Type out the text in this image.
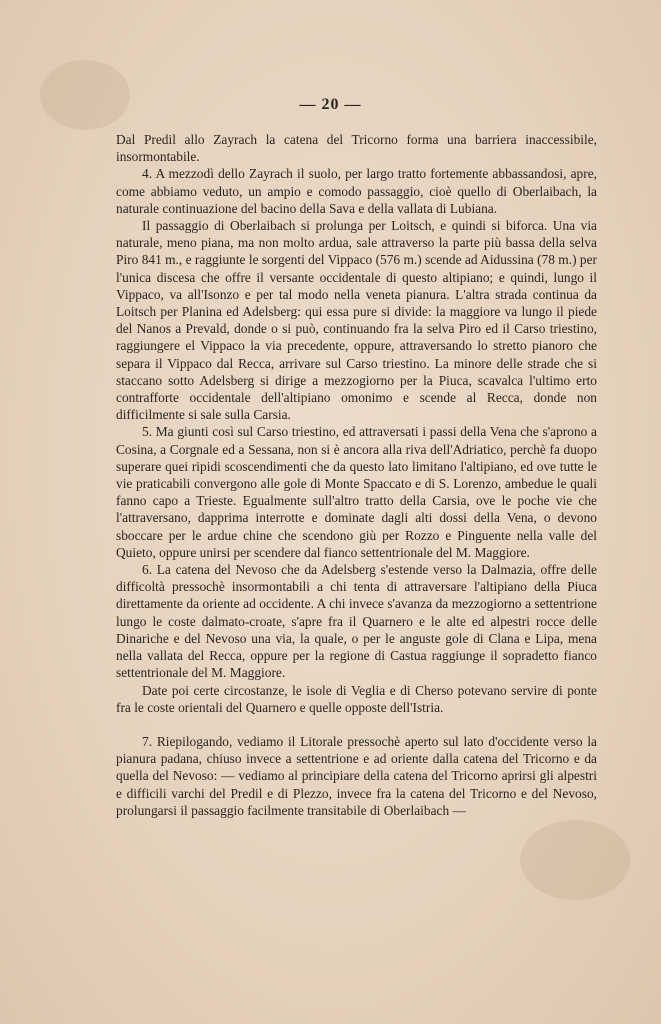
— 20 —

Dal Predil allo Zayrach la catena del Tricorno forma una barriera inaccessibile, insormontabile.

4. A mezzodì dello Zayrach il suolo, per largo tratto fortemente abbassandosi, apre, come abbiamo veduto, un ampio e comodo passaggio, cioè quello di Oberlaibach, la naturale continuazione del bacino della Sava e della vallata di Lubiana.

Il passaggio di Oberlaibach si prolunga per Loitsch, e quindi si biforca. Una via naturale, meno piana, ma non molto ardua, sale attraverso la parte più bassa della selva Piro 841 m., e raggiunte le sorgenti del Vippaco (576 m.) scende ad Aidussina (78 m.) per l'unica discesa che offre il versante occidentale di questo altipiano; e quindi, lungo il Vippaco, va all'Isonzo e per tal modo nella veneta pianura. L'altra strada continua da Loitsch per Planina ed Adelsberg: qui essa pure si divide: la maggiore va lungo il piede del Nanos a Prevald, donde o si può, continuando fra la selva Piro ed il Carso triestino, raggiungere el Vippaco la via precedente, oppure, attraversando lo stretto pianoro che separa il Vippaco dal Recca, arrivare sul Carso triestino. La minore delle strade che si staccano sotto Adelsberg si dirige a mezzogiorno per la Piuca, scavalca l'ultimo erto contrafforte occidentale dell'altipiano omonimo e scende al Recca, donde non difficilmente si sale sulla Carsia.

5. Ma giunti così sul Carso triestino, ed attraversati i passi della Vena che s'aprono a Cosina, a Corgnale ed a Sessana, non si è ancora alla riva dell'Adriatico, perchè fa duopo superare quei ripidi scoscendimenti che da questo lato limitano l'altipiano, ed ove tutte le vie praticabili convergono alle gole di Monte Spaccato e di S. Lorenzo, ambedue le quali fanno capo a Trieste. Egualmente sull'altro tratto della Carsia, ove le poche vie che l'attraversano, dapprima interrotte e dominate dagli alti dossi della Vena, o devono sboccare per le ardue chine che scendono giù per Rozzo e Pinguente nella valle del Quieto, oppure unirsi per scendere dal fianco settentrionale del M. Maggiore.

6. La catena del Nevoso che da Adelsberg s'estende verso la Dalmazia, offre delle difficoltà pressochè insormontabili a chi tenta di attraversare l'altipiano della Piuca direttamente da oriente ad occidente. A chi invece s'avanza da mezzogiorno a settentrione lungo le coste dalmato-croate, s'apre fra il Quarnero e le alte ed alpestri rocce delle Dinariche e del Nevoso una via, la quale, o per le anguste gole di Clana e Lipa, mena nella vallata del Recca, oppure per la regione di Castua raggiunge il sopradetto fianco settentrionale del M. Maggiore.

Date poi certe circostanze, le isole di Veglia e di Cherso potevano servire di ponte fra le coste orientali del Quarnero e quelle opposte dell'Istria.

7. Riepilogando, vediamo il Litorale pressochè aperto sul lato d'occidente verso la pianura padana, chiuso invece a settentrione e ad oriente dalla catena del Tricorno e da quella del Nevoso: — vediamo al principiare della catena del Tricorno aprirsi gli alpestri e difficili varchi del Predil e di Plezzo, invece fra la catena del Tricorno e del Nevoso, prolungarsi il passaggio facilmente transitabile di Oberlaibach —
